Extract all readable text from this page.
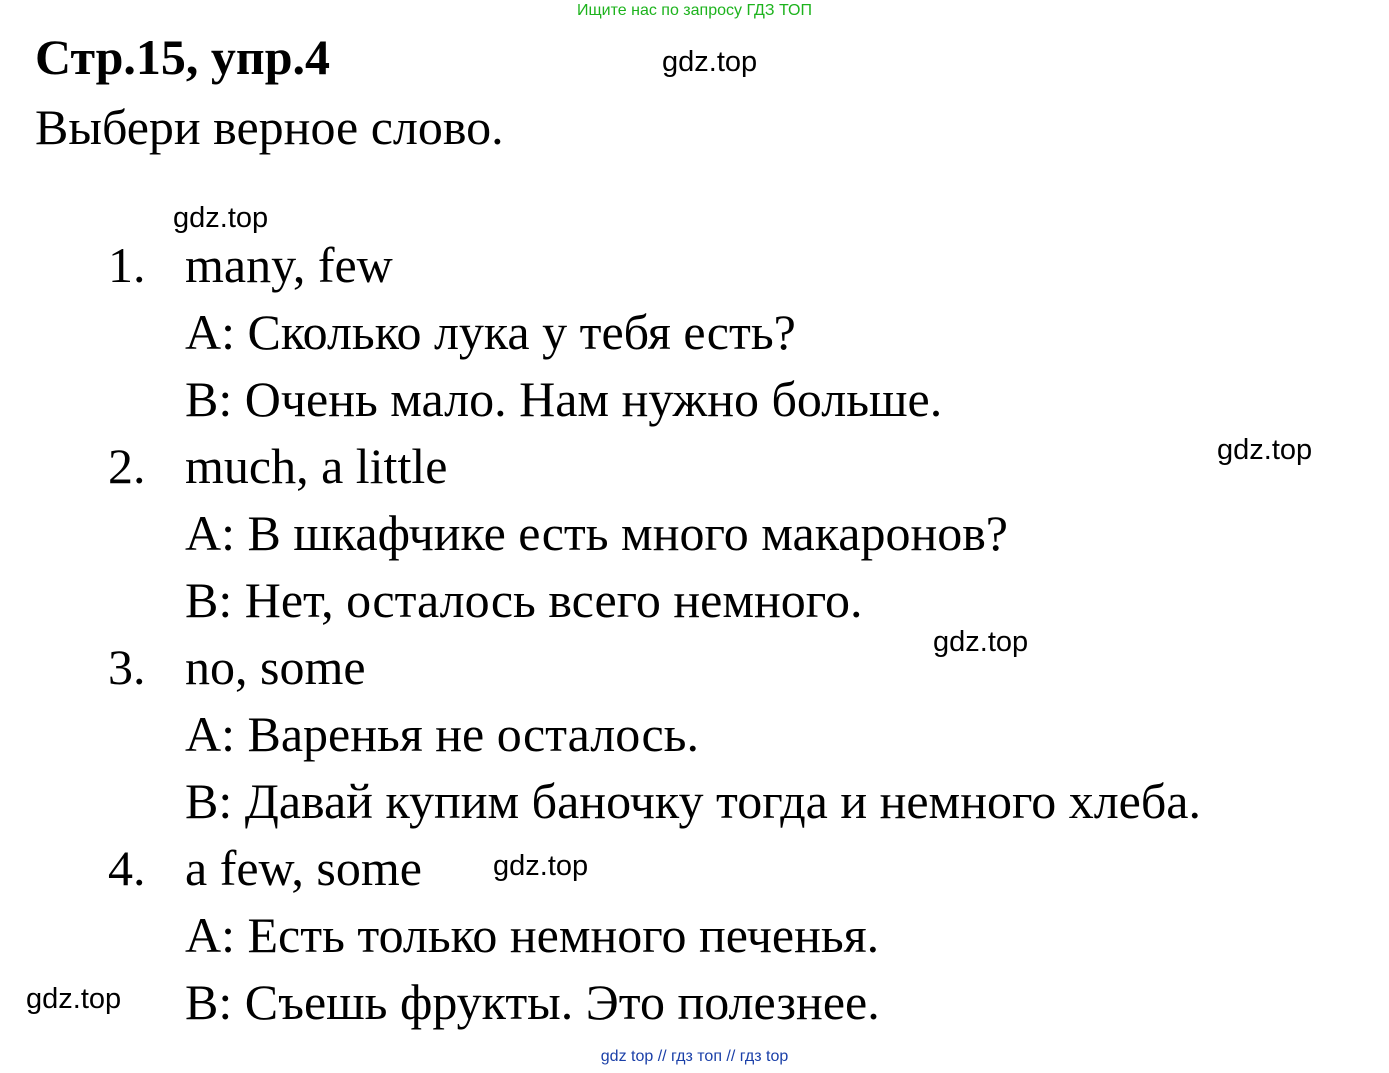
Ищите нас по запросу ГДЗ ТОП
Стр.15, упр.4
Выбери верное слово.
1. many, few
A: Сколько лука у тебя есть?
B: Очень мало. Нам нужно больше.
2. much, a little
A: В шкафчике есть много макаронов?
B: Нет, осталось всего немного.
3. no, some
A: Варенья не осталось.
B: Давай купим баночку тогда и немного хлеба.
4. a few, some
A: Есть только немного печенья.
B: Съешь фрукты. Это полезнее.
gdz.top
gdz.top
gdz.top
gdz.top
gdz.top
gdz.top
gdz top // гдз топ // гдз top
